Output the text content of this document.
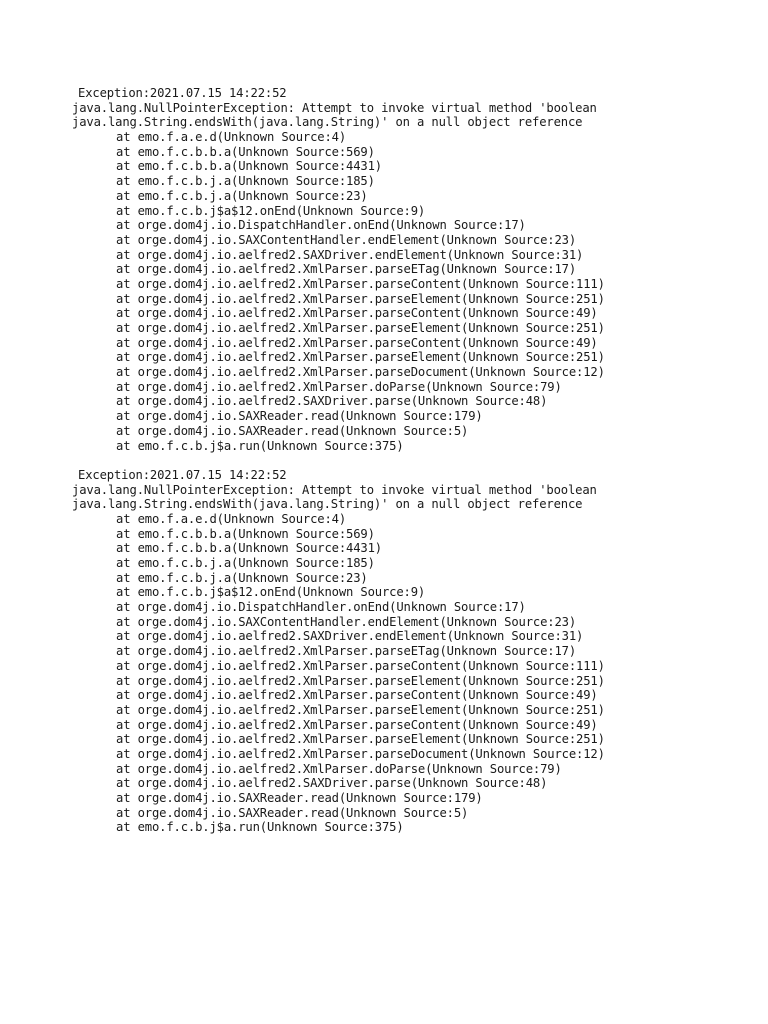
Exception:2021.07.15 14:22:52
java.lang.NullPointerException: Attempt to invoke virtual method 'boolean
java.lang.String.endsWith(java.lang.String)' on a null object reference
at emo.f.a.e.d(Unknown Source:4)
at emo.f.c.b.b.a(Unknown Source:569)
at emo.f.c.b.b.a(Unknown Source:4431)
at emo.f.c.b.j.a(Unknown Source:185)
at emo.f.c.b.j.a(Unknown Source:23)
at emo.f.c.b.j$a$12.onEnd(Unknown Source:9)
at orge.dom4j.io.DispatchHandler.onEnd(Unknown Source:17)
at orge.dom4j.io.SAXContentHandler.endElement(Unknown Source:23)
at orge.dom4j.io.aelfred2.SAXDriver.endElement(Unknown Source:31)
at orge.dom4j.io.aelfred2.XmlParser.parseETag(Unknown Source:17)
at orge.dom4j.io.aelfred2.XmlParser.parseContent(Unknown Source:111)
at orge.dom4j.io.aelfred2.XmlParser.parseElement(Unknown Source:251)
at orge.dom4j.io.aelfred2.XmlParser.parseContent(Unknown Source:49)
at orge.dom4j.io.aelfred2.XmlParser.parseElement(Unknown Source:251)
at orge.dom4j.io.aelfred2.XmlParser.parseContent(Unknown Source:49)
at orge.dom4j.io.aelfred2.XmlParser.parseElement(Unknown Source:251)
at orge.dom4j.io.aelfred2.XmlParser.parseDocument(Unknown Source:12)
at orge.dom4j.io.aelfred2.XmlParser.doParse(Unknown Source:79)
at orge.dom4j.io.aelfred2.SAXDriver.parse(Unknown Source:48)
at orge.dom4j.io.SAXReader.read(Unknown Source:179)
at orge.dom4j.io.SAXReader.read(Unknown Source:5)
at emo.f.c.b.j$a.run(Unknown Source:375)
Exception:2021.07.15 14:22:52
java.lang.NullPointerException: Attempt to invoke virtual method 'boolean
java.lang.String.endsWith(java.lang.String)' on a null object reference
at emo.f.a.e.d(Unknown Source:4)
at emo.f.c.b.b.a(Unknown Source:569)
at emo.f.c.b.b.a(Unknown Source:4431)
at emo.f.c.b.j.a(Unknown Source:185)
at emo.f.c.b.j.a(Unknown Source:23)
at emo.f.c.b.j$a$12.onEnd(Unknown Source:9)
at orge.dom4j.io.DispatchHandler.onEnd(Unknown Source:17)
at orge.dom4j.io.SAXContentHandler.endElement(Unknown Source:23)
at orge.dom4j.io.aelfred2.SAXDriver.endElement(Unknown Source:31)
at orge.dom4j.io.aelfred2.XmlParser.parseETag(Unknown Source:17)
at orge.dom4j.io.aelfred2.XmlParser.parseContent(Unknown Source:111)
at orge.dom4j.io.aelfred2.XmlParser.parseElement(Unknown Source:251)
at orge.dom4j.io.aelfred2.XmlParser.parseContent(Unknown Source:49)
at orge.dom4j.io.aelfred2.XmlParser.parseElement(Unknown Source:251)
at orge.dom4j.io.aelfred2.XmlParser.parseContent(Unknown Source:49)
at orge.dom4j.io.aelfred2.XmlParser.parseElement(Unknown Source:251)
at orge.dom4j.io.aelfred2.XmlParser.parseDocument(Unknown Source:12)
at orge.dom4j.io.aelfred2.XmlParser.doParse(Unknown Source:79)
at orge.dom4j.io.aelfred2.SAXDriver.parse(Unknown Source:48)
at orge.dom4j.io.SAXReader.read(Unknown Source:179)
at orge.dom4j.io.SAXReader.read(Unknown Source:5)
at emo.f.c.b.j$a.run(Unknown Source:375)
